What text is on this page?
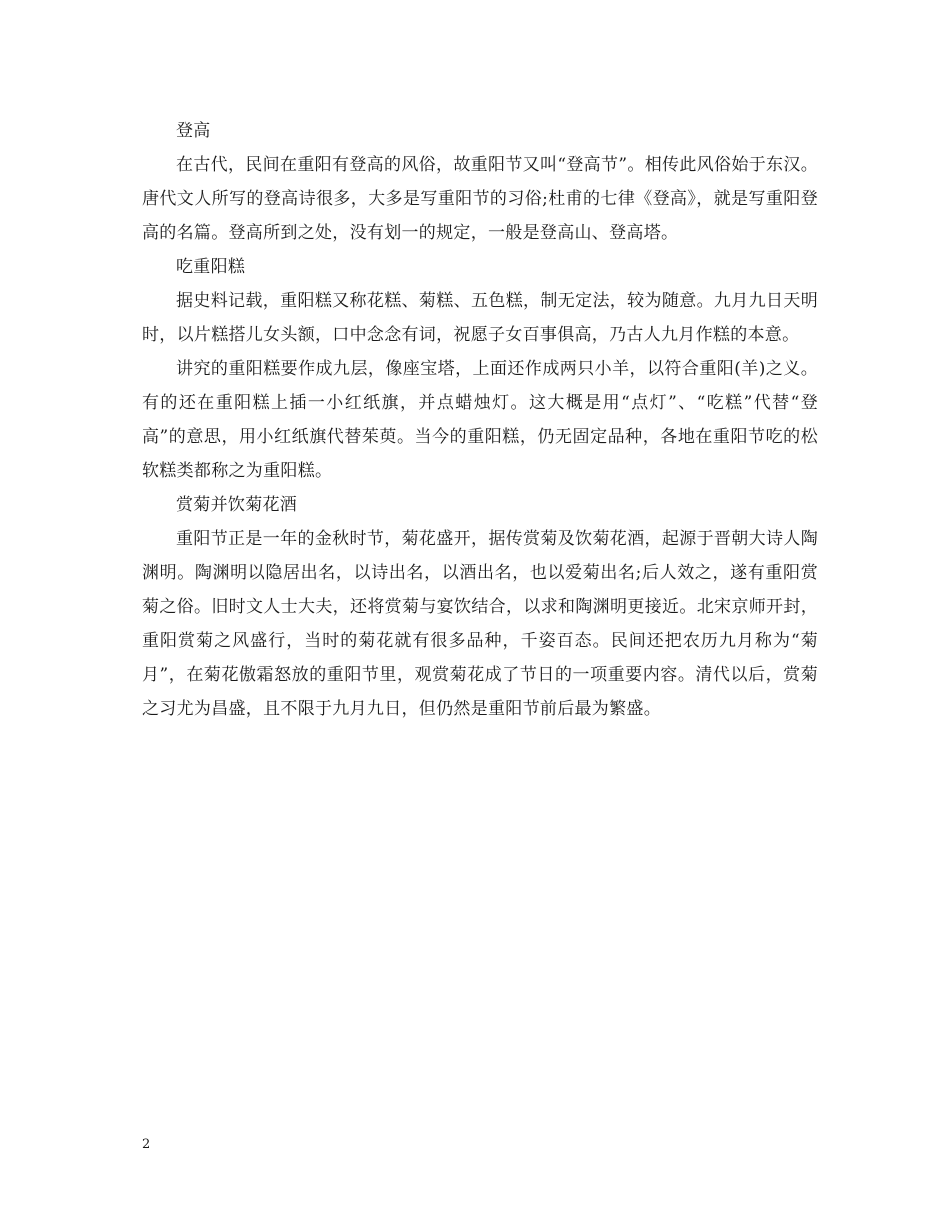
登高

在古代，民间在重阳有登高的风俗，故重阳节又叫“登高节”。相传此风俗始于东汉。唐代文人所写的登高诗很多，大多是写重阳节的习俗;杜甫的七律《登高》，就是写重阳登高的名篇。登高所到之处，没有划一的规定，一般是登高山、登高塔。

吃重阳糕

据史料记载，重阳糕又称花糕、菊糕、五色糕，制无定法，较为随意。九月九日天明时，以片糕搭儿女头额，口中念念有词，祝愿子女百事俱高，乃古人九月作糕的本意。

讲究的重阳糕要作成九层，像座宝塔，上面还作成两只小羊，以符合重阳(羊)之义。有的还在重阳糕上插一小红纸旗，并点蜡烛灯。这大概是用“点灯”、“吃糕”代替“登高”的意思，用小红纸旗代替茱萸。当今的重阳糕，仍无固定品种，各地在重阳节吃的松软糕类都称之为重阳糕。

赏菊并饮菊花酒

重阳节正是一年的金秋时节，菊花盛开，据传赏菊及饮菊花酒，起源于晋朝大诗人陶渊明。陶渊明以隐居出名，以诗出名，以酒出名，也以爱菊出名;后人效之，遂有重阳赏菊之俗。旧时文人士大夫，还将赏菊与宴饮结合，以求和陶渊明更接近。北宋京师开封，重阳赏菊之风盛行，当时的菊花就有很多品种，千姿百态。民间还把农历九月称为“菊月”，在菊花傲霜怒放的重阳节里，观赏菊花成了节日的一项重要内容。清代以后，赏菊之习尤为昌盛，且不限于九月九日，但仍然是重阳节前后最为繁盛。

2
